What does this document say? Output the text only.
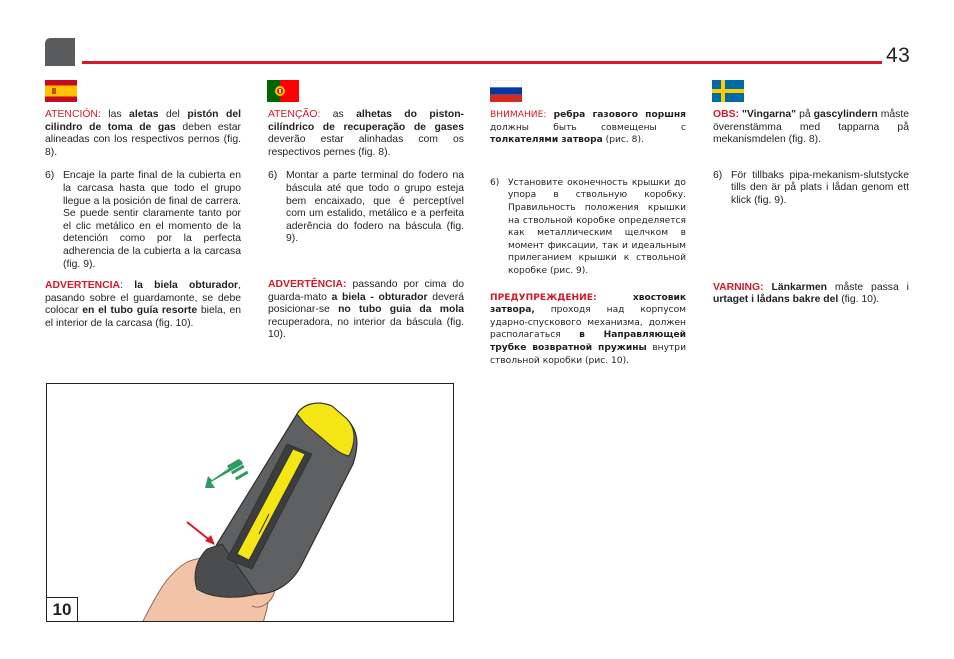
43

ATENCIÓN: las aletas del pistón del cilindro de toma de gas deben estar alineadas con los respectivos pernos (fig. 8).

6) Encaje la parte final de la cubierta en la carcasa hasta que todo el grupo llegue a la posición de final de carrera. Se puede sentir claramente tanto por el clic metálico en el momento de la detención como por la perfecta adherencia de la cubierta a la carcasa (fig. 9).

ADVERTENCIA: la biela obturador, pasando sobre el guardamonte, se debe colocar en el tubo guía resorte biela, en el interior de la carcasa (fig. 10).

ATENÇÃO: as alhetas do piston-cilíndrico de recuperação de gases deverão estar alinhadas com os respectivos pernes (fig. 8).

6) Montar a parte terminal do fodero na báscula até que todo o grupo esteja bem encaixado, que é perceptível com um estalido, metálico e a perfeita aderência do fodero na báscula (fig. 9).

ADVERTÊNCIA: passando por cima do guarda-mato a biela - obturador deverá posicionar-se no tubo guia da mola recuperadora, no interior da báscula (fig. 10).

ВНИМАНИЕ: ребра газового поршня должны быть совмещены с толкателями затвора (рис. 8).

6) Установите оконечность крышки до упора в ствольную коробку. Правильность положения крышки на ствольной коробке определяется как металлическим щелчком в момент фиксации, так и идеальным прилеганием крышки к ствольной коробке (рис. 9).

ПРЕДУПРЕЖДЕНИЕ: хвостовик затвора, проходя над корпусом ударно-спускового механизма, должен располагаться в Направляющей трубке возвратной пружины внутри ствольной коробки (рис. 10).

OBS: "Vingarna" på gascylindern måste överenstämma med tapparna på mekanismdelen (fig. 8).

6) För tillbaks pipa-mekanism-slutstycke tills den är på plats i lådan genom ett klick (fig. 9).

VARNING: Länkarmen måste passa i urtaget i lådans bakre del (fig. 10).

10
